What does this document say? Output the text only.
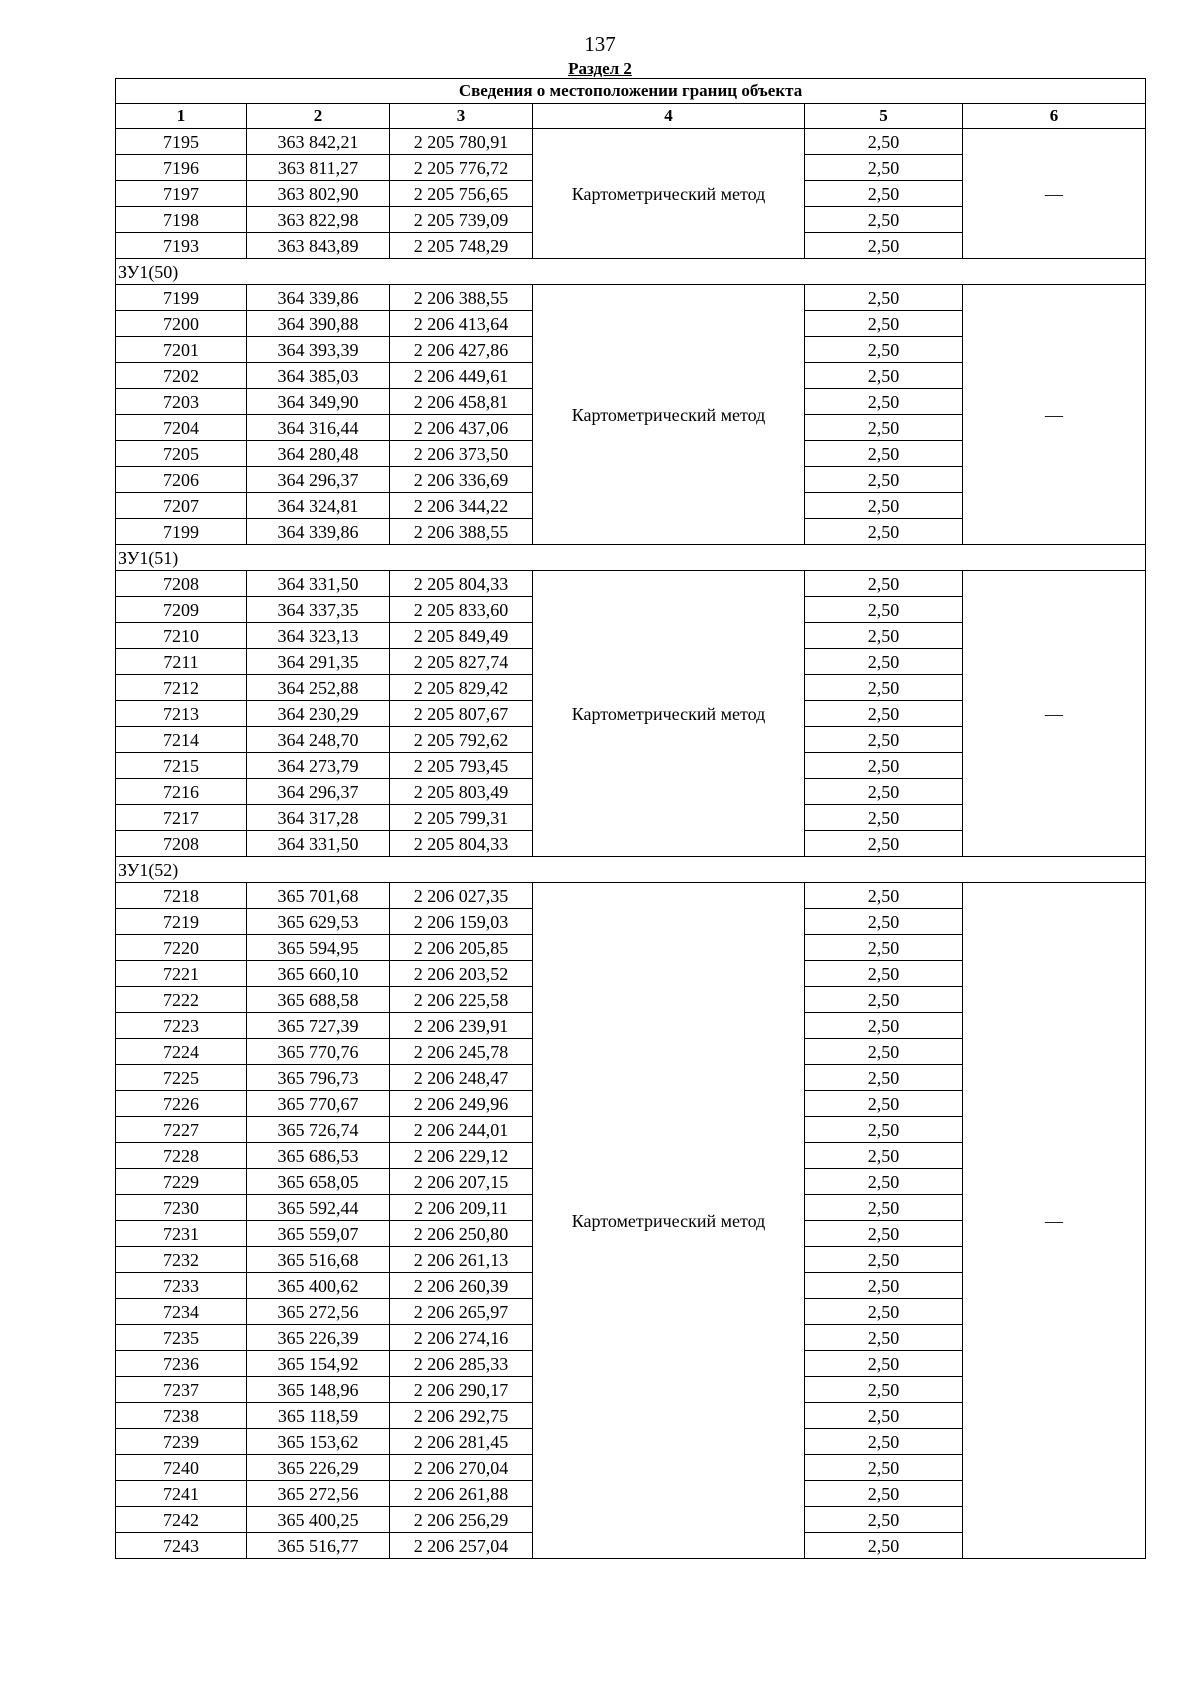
137
Раздел 2
Сведения о местоположении границ объекта					
1	2	3	4	5	6
7195	363 842,21	2 205 780,91	Картометрический метод	2,50	—
7196	363 811,27	2 205 776,72		2,50	
7197	363 802,90	2 205 756,65		2,50	
7198	363 822,98	2 205 739,09		2,50	
7193	363 843,89	2 205 748,29		2,50	
ЗУ1(50)					
7199	364 339,86	2 206 388,55	Картометрический метод	2,50	—
7200	364 390,88	2 206 413,64		2,50	
7201	364 393,39	2 206 427,86		2,50	
7202	364 385,03	2 206 449,61		2,50	
7203	364 349,90	2 206 458,81		2,50	
7204	364 316,44	2 206 437,06		2,50	
7205	364 280,48	2 206 373,50		2,50	
7206	364 296,37	2 206 336,69		2,50	
7207	364 324,81	2 206 344,22		2,50	
7199	364 339,86	2 206 388,55		2,50	
ЗУ1(51)					
7208	364 331,50	2 205 804,33	Картометрический метод	2,50	—
7209	364 337,35	2 205 833,60		2,50	
7210	364 323,13	2 205 849,49		2,50	
7211	364 291,35	2 205 827,74		2,50	
7212	364 252,88	2 205 829,42		2,50	
7213	364 230,29	2 205 807,67		2,50	
7214	364 248,70	2 205 792,62		2,50	
7215	364 273,79	2 205 793,45		2,50	
7216	364 296,37	2 205 803,49		2,50	
7217	364 317,28	2 205 799,31		2,50	
7208	364 331,50	2 205 804,33		2,50	
ЗУ1(52)					
7218	365 701,68	2 206 027,35	Картометрический метод	2,50	—
7219	365 629,53	2 206 159,03		2,50	
7220	365 594,95	2 206 205,85		2,50	
7221	365 660,10	2 206 203,52		2,50	
7222	365 688,58	2 206 225,58		2,50	
7223	365 727,39	2 206 239,91		2,50	
7224	365 770,76	2 206 245,78		2,50	
7225	365 796,73	2 206 248,47		2,50	
7226	365 770,67	2 206 249,96		2,50	
7227	365 726,74	2 206 244,01		2,50	
7228	365 686,53	2 206 229,12		2,50	
7229	365 658,05	2 206 207,15		2,50	
7230	365 592,44	2 206 209,11		2,50	
7231	365 559,07	2 206 250,80		2,50	
7232	365 516,68	2 206 261,13		2,50	
7233	365 400,62	2 206 260,39		2,50	
7234	365 272,56	2 206 265,97		2,50	
7235	365 226,39	2 206 274,16		2,50	
7236	365 154,92	2 206 285,33		2,50	
7237	365 148,96	2 206 290,17		2,50	
7238	365 118,59	2 206 292,75		2,50	
7239	365 153,62	2 206 281,45		2,50	
7240	365 226,29	2 206 270,04		2,50	
7241	365 272,56	2 206 261,88		2,50	
7242	365 400,25	2 206 256,29		2,50	
7243	365 516,77	2 206 257,04		2,50	
